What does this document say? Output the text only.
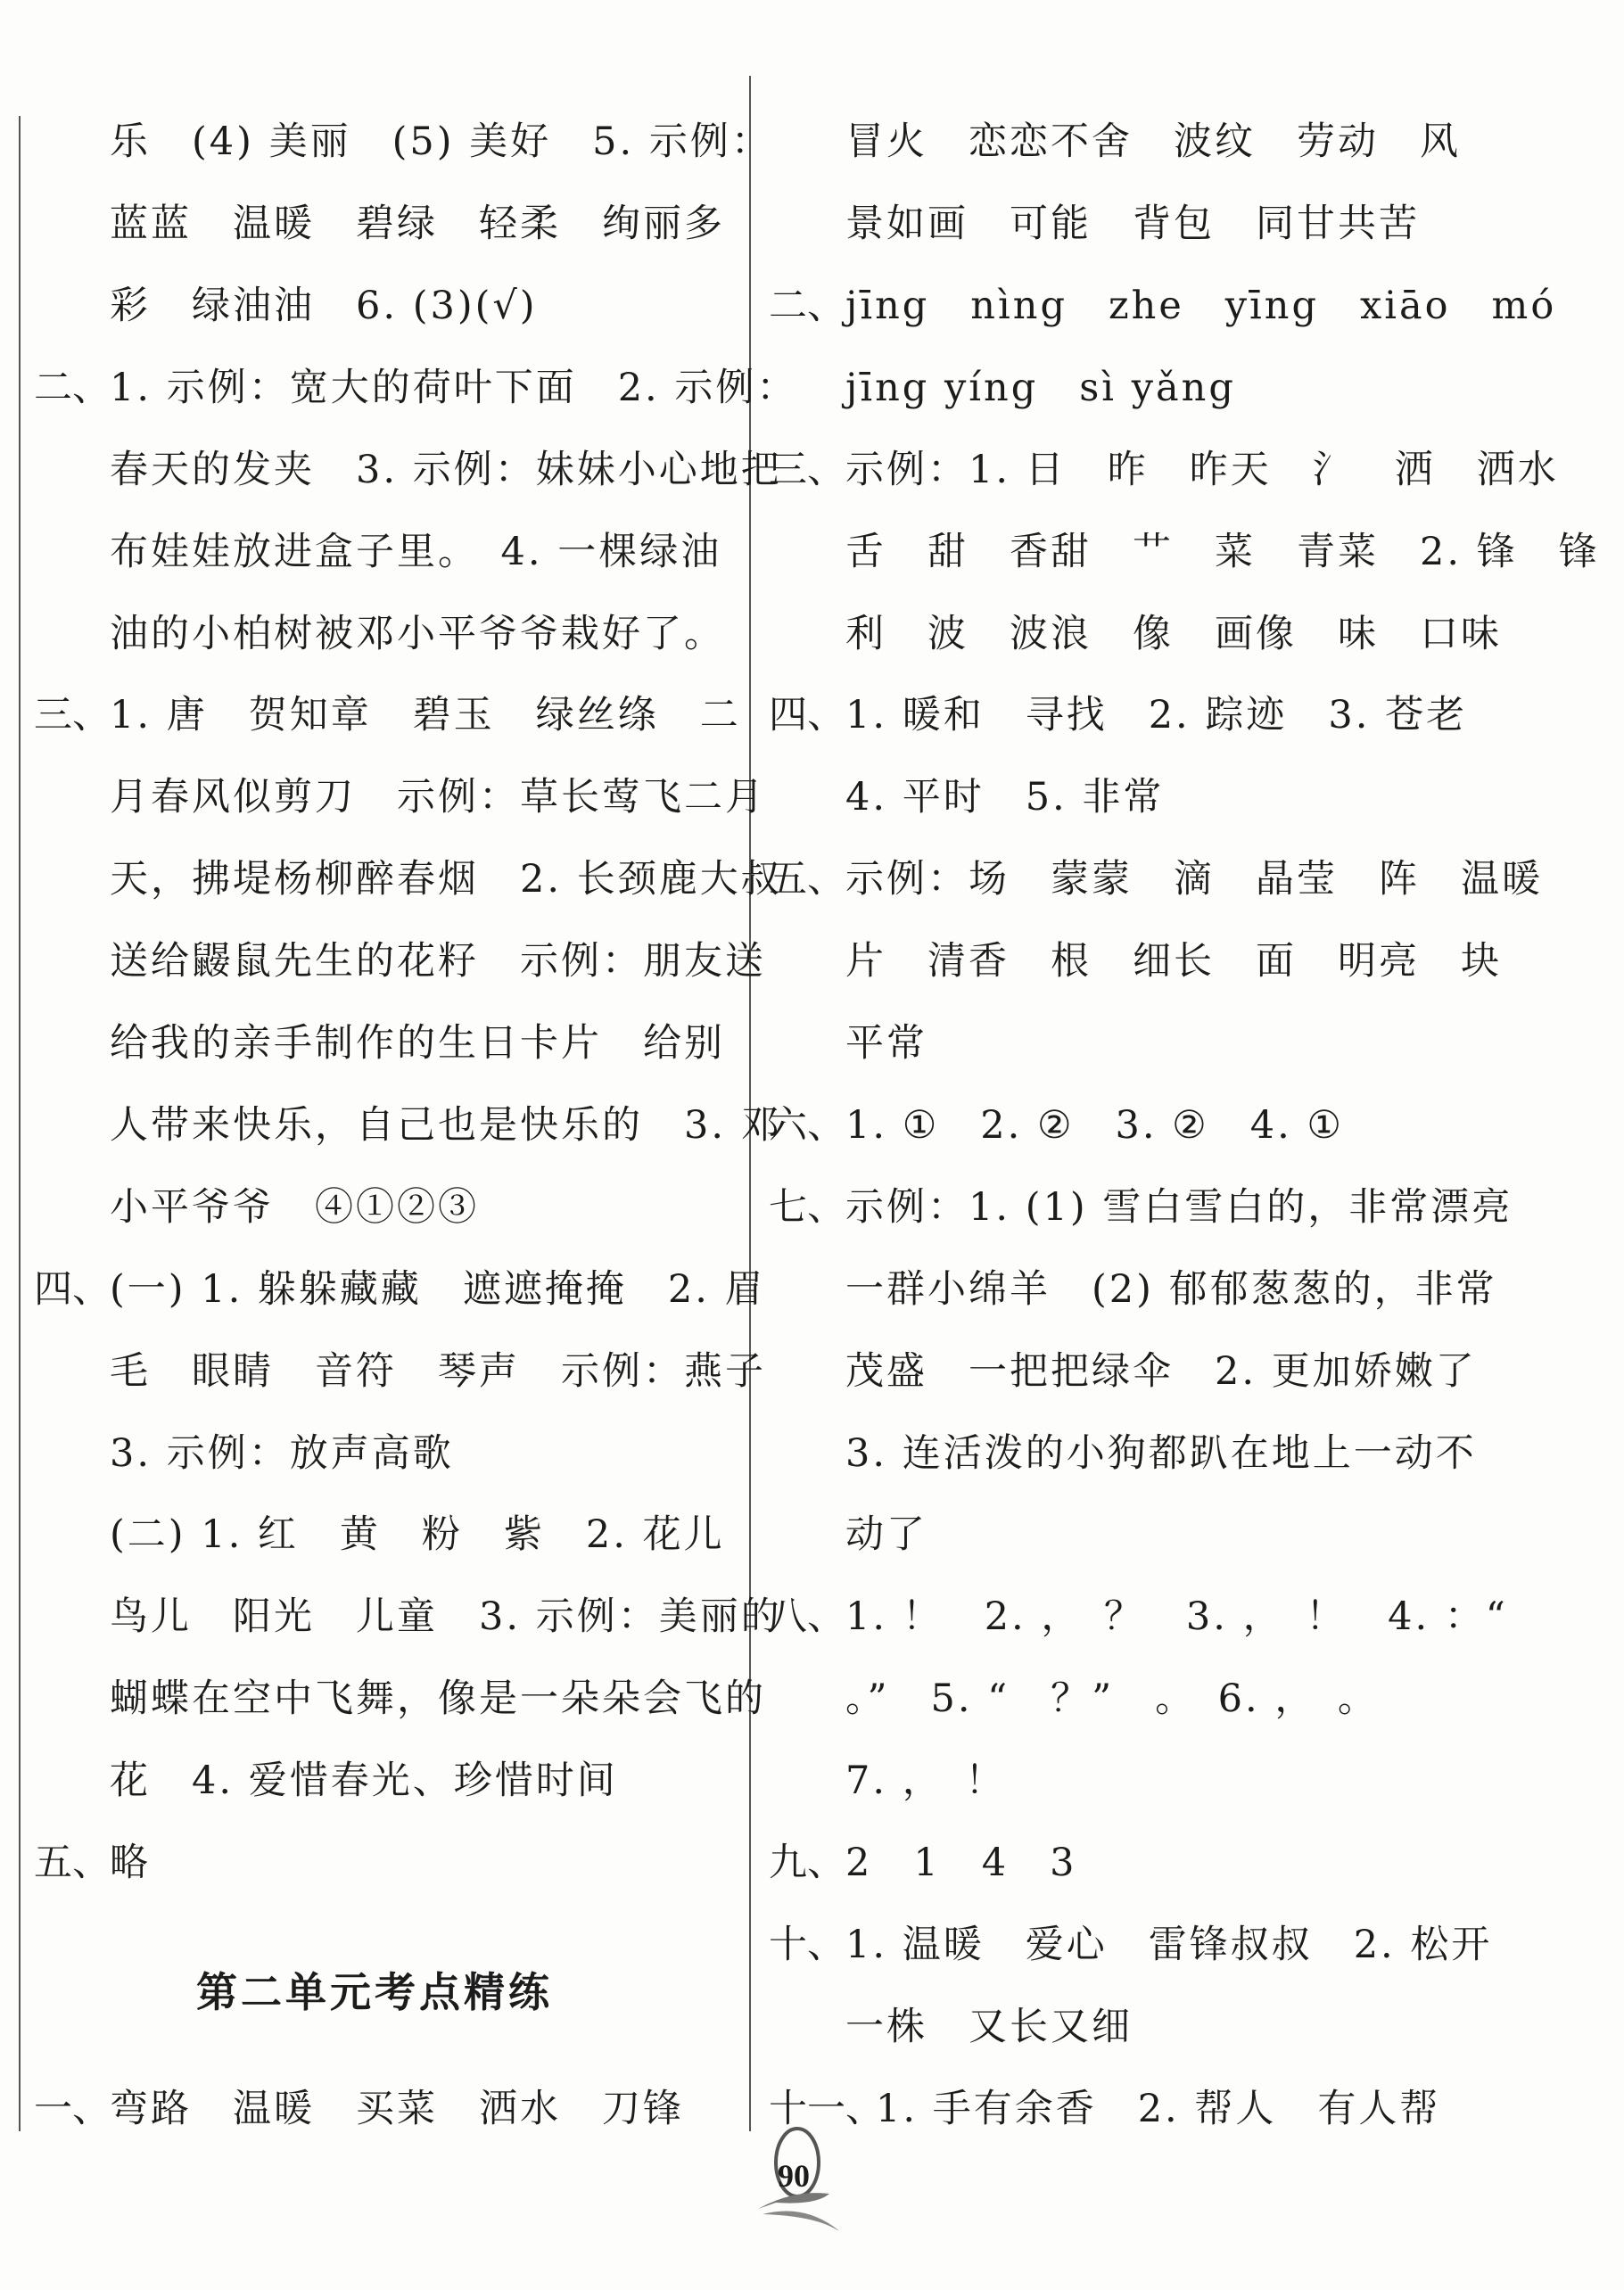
乐　(4) 美丽　(5) 美好　5. 示例：
蓝蓝　温暖　碧绿　轻柔　绚丽多
彩　绿油油　6. (3)(√)
二、 1. 示例：宽大的荷叶下面　2. 示例：
春天的发夹　3. 示例：妹妹小心地把
布娃娃放进盒子里。　4. 一棵绿油
油的小柏树被邓小平爷爷栽好了。
三、 1. 唐　贺知章　碧玉　绿丝绦　二
月春风似剪刀　示例：草长莺飞二月
天，拂堤杨柳醉春烟　2. 长颈鹿大叔
送给鼹鼠先生的花籽　示例：朋友送
给我的亲手制作的生日卡片　给别
人带来快乐，自己也是快乐的　3. 邓
小平爷爷　④①②③
四、 (一) 1. 躲躲藏藏　遮遮掩掩　2. 眉
毛　眼睛　音符　琴声　示例：燕子
3. 示例：放声高歌
(二) 1. 红　黄　粉　紫　2. 花儿
鸟儿　阳光　儿童　3. 示例：美丽的
蝴蝶在空中飞舞，像是一朵朵会飞的
花　4. 爱惜春光、珍惜时间
五、 略
一、 弯路　温暖　买菜　洒水　刀锋
冒火　恋恋不舍　波纹　劳动　风
景如画　可能　背包　同甘共苦
二、 jīng　nìng　zhe　yīng　xiāo　mó
jīng yíng　sì yǎng
三、 示例：1. 日　昨　昨天　氵　洒　洒水
舌　甜　香甜　艹　菜　青菜　2. 锋　锋
利　波　波浪　像　画像　味　口味
四、 1. 暖和　寻找　2. 踪迹　3. 苍老
4. 平时　5. 非常
五、 示例：场　蒙蒙　滴　晶莹　阵　温暖
片　清香　根　细长　面　明亮　块
平常
六、 1. ①　2. ②　3. ②　4. ①
七、 示例：1. (1) 雪白雪白的，非常漂亮
一群小绵羊　(2) 郁郁葱葱的，非常
茂盛　一把把绿伞　2. 更加娇嫩了
3. 连活泼的小狗都趴在地上一动不
动了
八、 1. ！　2. ，　？　3. ，　！　4. ：“
。”　5. “　？”　。　6. ，　。
7. ，　！
九、 2　1　4　3
十、 1. 温暖　爱心　雷锋叔叔　2. 松开
一株　又长又细
十一、
1. 手有余香　2. 帮人　有人帮
第二单元考点精练
90
